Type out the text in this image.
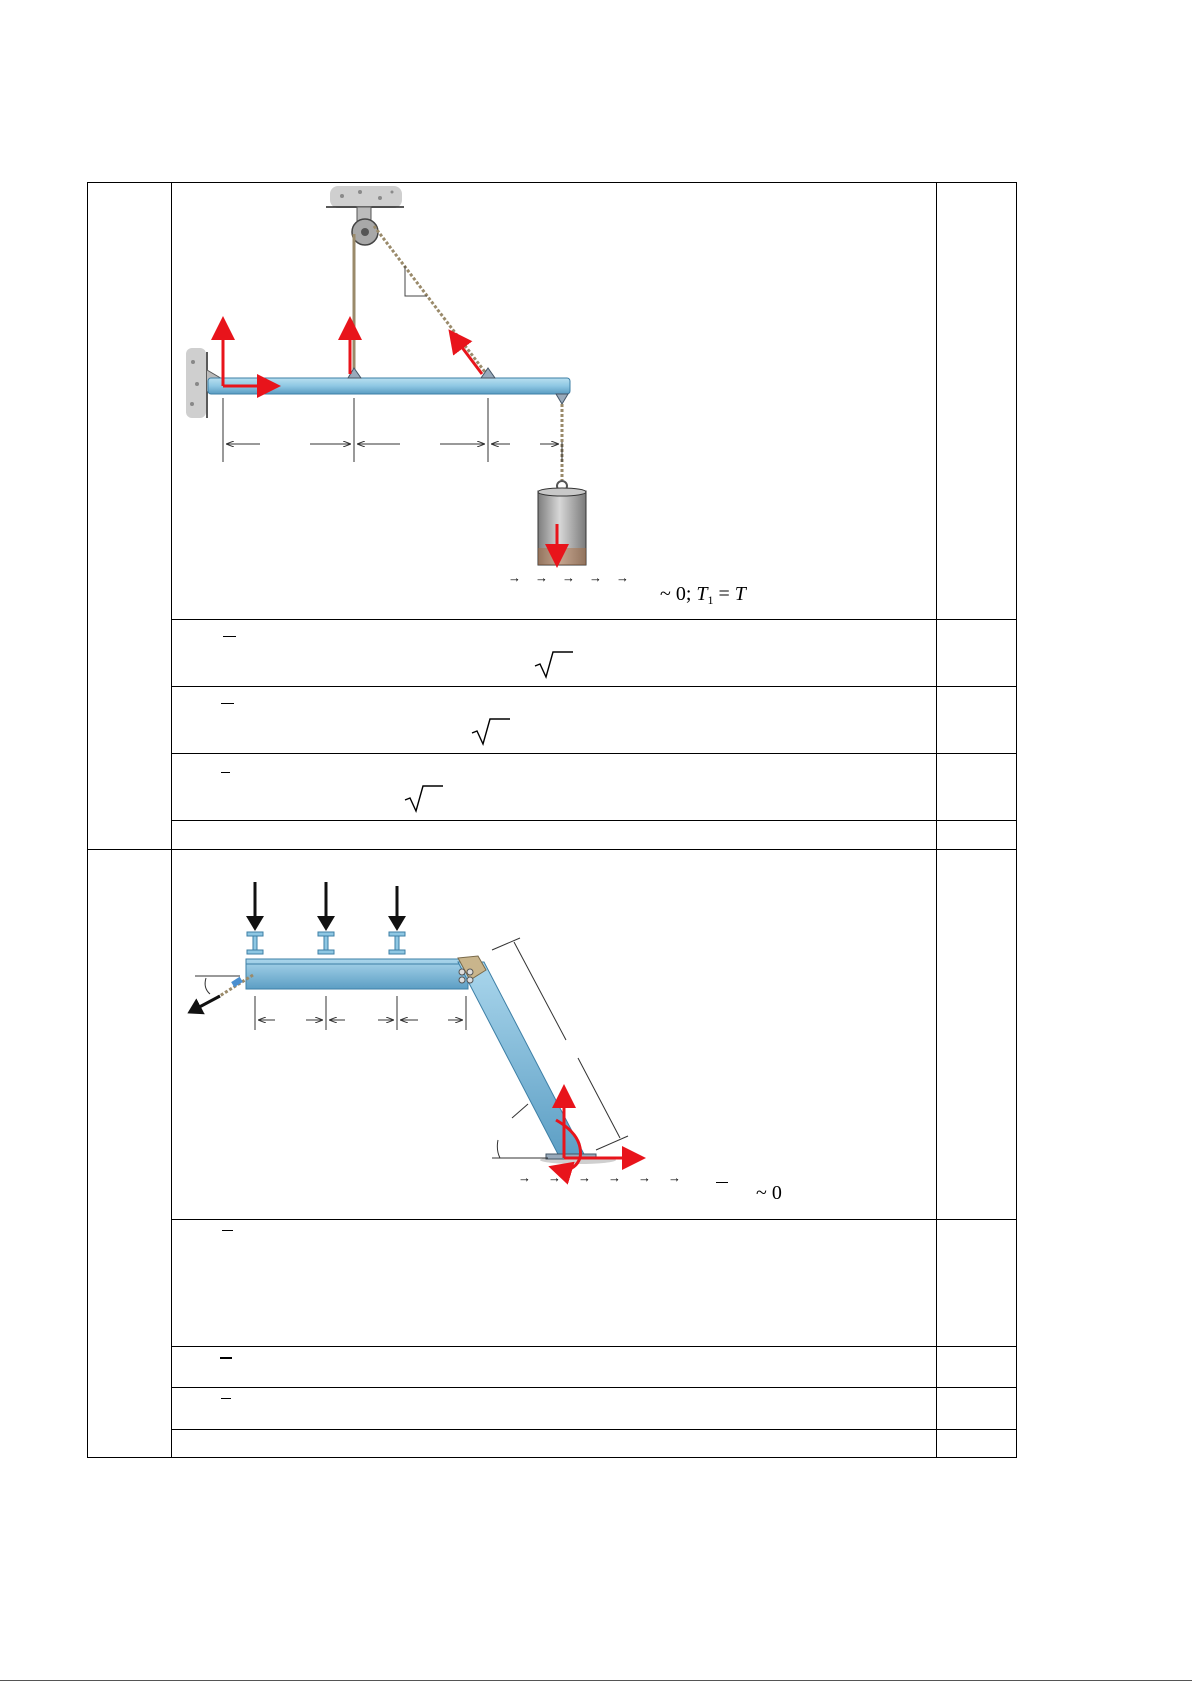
→→→→→
~ 0; $T_1 = T$
→→→→→→
~ 0
